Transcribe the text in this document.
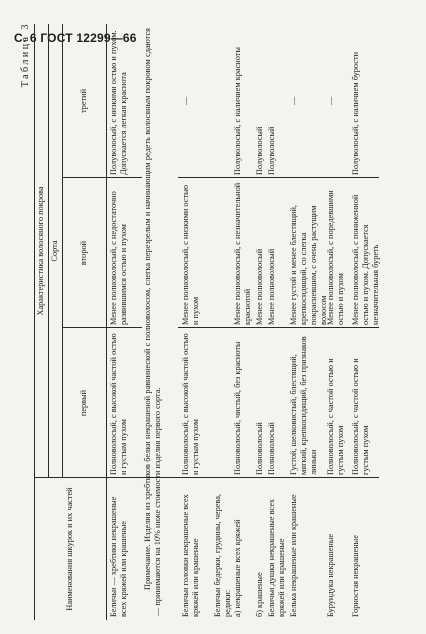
С. 6 ГОСТ 12299—66
Таблица 3
Наименования шкурок и их частей
Характеристика волосяного покрова Сорта
первый
второй
третий
Беличьи — хребтики некрашеные всех кряжей или крашеные
Полноволосый, с высокой частой остью и густым пухом
Менее полноволосый, с недостаточно развившимся остью и пухом
Полуволосый, с низкими остью и пухом. Допускается легкая краснота	Примечание. Изделия из хребтиков белки некрашеной равнинеской с полноволосом, слегка перезрелым и начинающим редеть волосяным покровом сдаются — принимаются на 10% ниже стоимости изделия первого сорта.	Беличьи головки некрашеные всех кряжей или крашеные
Полноволосый, с высокой частой остью и густым пухом
Менее полноволосый, с низкими остью и пухом
—
Беличьи бедерки, грудины, черева, редики: а) некрашеные всех кряжей
Полноволосый, чистый, без красноты
Менее полноволосый, с незначительной краснотой
Полуволосый, с наличием красноты
б) крашеные
Полноволосый
Менее полноволосый
Полуволосый
Беличьи душки некрашеные всех кряжей или крашеные
Полноволосый
Менее полноволосый
Полуволосый
Белька некрашеные или крашеные
Густой, шелковистый, блестящий, мягкий, крепкосидящий, без признаков линьки
Менее густой и менее блестящий, крепкосидящий, со слегка покрасневшим, с очень растущим волосом
—
Бурундука некрашеные
Полноволосый, с частой остью и густым пухом
Менее полноволосый, с поредевшими остью и пухом
—
Горностая некрашеные
Полноволосый, с частой остью и густым пухом
Менее полноволосый, с пониженной остью и пухом. Допускается незначительная буреть
Полуволосый, с наличием бурости
